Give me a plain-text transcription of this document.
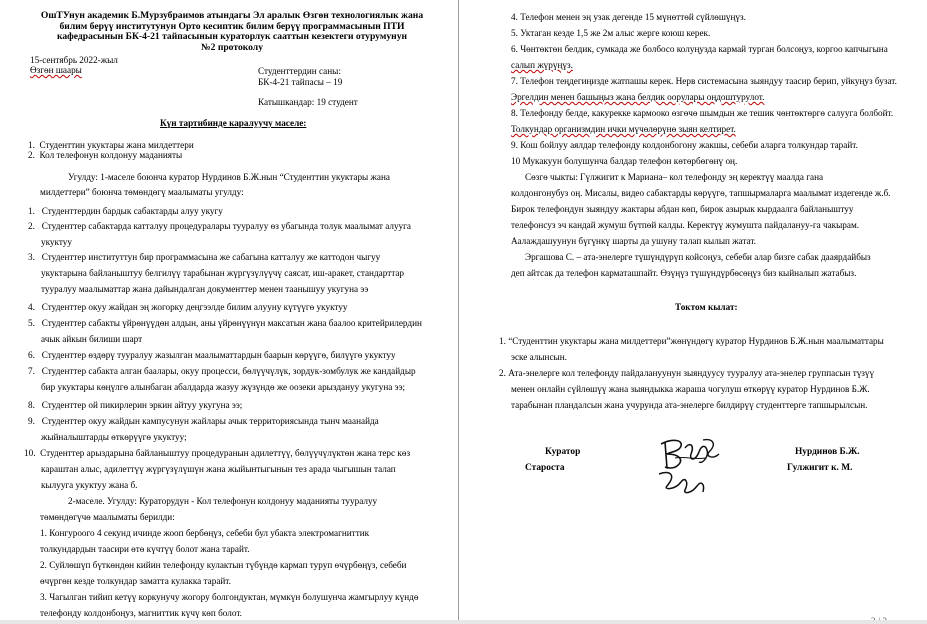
ОшТУнун академик Б.Мурзубраимов атындагы Эл аралык Өзгөн технологиялык жана
билим берүү институтунун Орто кесиптик билим берүү программасынын ПТИ
кафедрасынын БК-4-21 тайпасынын кураторлук сааттын кезектеги отурумунун
№2 протоколу
15-сентябрь 2022-жыл
Өзгөн шаары	Студенттердин саны:
БК-4-21 тайпасы – 19
Катышкандар: 19 студент
Күн тартибинде каралуучу маселе:
1.  Студенттин укуктары жана милдеттери
2.  Кол телефонун колдонуу маданияты
Угулду: 1-маселе боюнча куратор Нурдинов Б.Ж.нын “Студенттин укуктары жана
милдеттери” боюнча төмөндөгү маалыматы угулду:
1.   Студенттердин бардык сабактарды алуу укугу
2.   Студенттер сабактарда катталуу процедуралары тууралуу өз убагында толук маалымат алууга
укуктуу
3.   Студенттер институттун бир программасына же сабагына катталуу же каттодон чыгуу
укуктарына байланыштуу белгилүү тарабынан жүргүзүлүүчү саясат, иш-аракет, стандарттар
тууралуу маалыматтар жана дайындалган документтер менен таанышуу укугуна ээ
4.   Студенттер окуу жайдан эң жогорку деңгээлде билим алууну күтүүгө укуктуу
5.   Студенттер сабакты үйрөнүүдөн алдын, аны үйрөнүүнүн максатын жана баалоо критейрилердин
ачык айкын билиши шарт
6.   Студенттер өздөрү тууралуу жазылган маалыматтардын баарын көрүүгө, билүүгө укуктуу
7.   Студенттер сабакта алган баалары, окуу процесси, бөлүүчүлүк, зордук-зомбулук же кандайдыр
бир укуктары көңүлгө алынбаган абалдарда жазуу жүзүндө же оозеки арыздануу укугуна ээ;
8.   Студенттер ой пикирлерин эркин айтуу укугуна ээ;
9.   Студенттер окуу жайдын кампусунун жайлары ачык территориясында тынч маанайда
жыйналыштарды өткөрүүгө укуктуу;
10.  Студенттер арыздарына байланыштуу процедуранын адилеттүү, бөлүүчүлүктөн жана терс көз
караштан алыс, адилеттүү жүргүзүлүшүн жана жыйынтыгынын тез арада чыгышын талап
кылууга укуктуу жана б.
2-маселе. Угулду: Кураторудун - Кол телефонун колдонуу маданияты тууралуу
төмөндөгүчө маалыматы берилди:
1. Конгуроого 4 секунд ичинде жооп бербөңүз, себеби бул убакта электромагниттик
толкундардын таасири өтө күчтүү болот жана тарайт.
2. Суйлөшүп бүткөндөн кийин телефонду кулактын түбүндө кармап туруп өчүрбөңүз, себеби
өчүргөн кезде толкундар заматта кулакка тарайт.
3. Чагылган тийип кетүү коркунучу жогору болгондуктан, мүмкүн болушунча жамгырлуу күндө
телефонду колдонбоңуз, магниттик күчү көп болот.
4. Телефон менен эң узак дегенде 15 мүнөттөй сүйлөшүңүз.
5. Уктаган кезде 1,5 же 2м алыс жерге коюш керек.
6. Чөнтөктөн белдик, сумкада же болбосо колуңузда кармай турган болсоңуз, коргоо капчыгына
салып жүрүңүз.
7. Телефон теңдегиңизде жатпашы керек. Нерв системасына зыяндуу таасир берип, уйкуңуз бузат.
Эргелдин менен башыңыз жана белдик оорулары оңдоштурулот.
8. Телефонду белде, какурекке кармооко өзгөчө шымдын же тешик чөнтөктөргө салууга болбойт.
Толкундар организмдин ички мүчөлөрүнө зыян келтирет.
9. Кош бойлуу аялдар телефонду колдонбогону жакшы, себеби аларга толкундар тарайт.
10 Мукакуун болушунча балдар телефон көтөрбөгөнү оң.
Сөзгө чыкты: Гүлжигит к Мариана– кол телефонду эң керектүү маалда гана
колдонгонубуз оң. Мисалы, видео сабактарды көрүүгө, тапшырмаларга маалымат издегенде ж.б.
Бирок телефондун зыяндуу жактары абдан көп, бирок азырык кырдаалга байланыштуу
телефонсуз эч кандай жумуш бүтпөй калды. Керектүү жумушта пайдалануу-га чакырам.
Аалаждашуунун бүгүнкү шарты да ушуну талап кылып жатат.
Эргашова С. – ата-энелерге түшүндүрүп койсоңуз, себеби алар бизге сабак дааярдайбыз
деп айтсак да телефон карматашпайт. Өзүңүз түшүндүрбөсөңүз биз кыйналып жатабыз.
Токтом кылат:
1. “Студенттин укуктары жана милдеттери”жөнүндөгү куратор Нурдинов Б.Ж.нын маалыматтары
эске алынсын.
2. Ата-энелерге кол телефонду пайдалануунун зыяндуусу тууралуу ата-энелер группасын түзүү
менен онлайн сүйлөшүү жана зыяндыкка жараша чогулуш өткөрүү куратор Нурдинов Б.Ж.
тарабынан пландалсын жана учурунда ата-энелерге билдирүү студенттерге тапшырылсын.
Куратор
Староста
Нурдинов Б.Ж.
Гулжигит к. М.
